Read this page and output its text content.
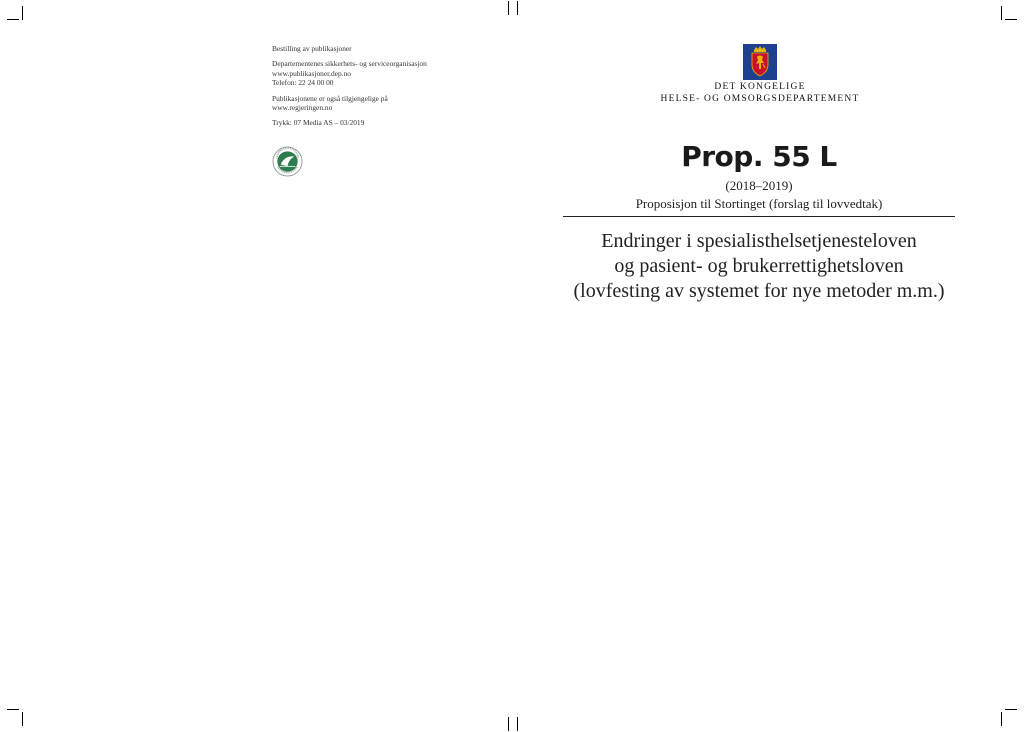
Bestilling av publikasjoner

Departementenes sikkerhets- og serviceorganisasjon
www.publikasjoner.dep.no
Telefon: 22 24 00 00

Publikasjonene er også tilgjengelige på
www.regjeringen.no

Trykk: 07 Media AS – 03/2019

DET KONGELIGE
HELSE- OG OMSORGSDEPARTEMENT
Prop. 55 L
(2018–2019)
Proposisjon til Stortinget (forslag til lovvedtak)
Endringer i spesialisthelsetjenesteloven
og pasient- og brukerrettighetsloven
(lovfesting av systemet for nye metoder m.m.)
